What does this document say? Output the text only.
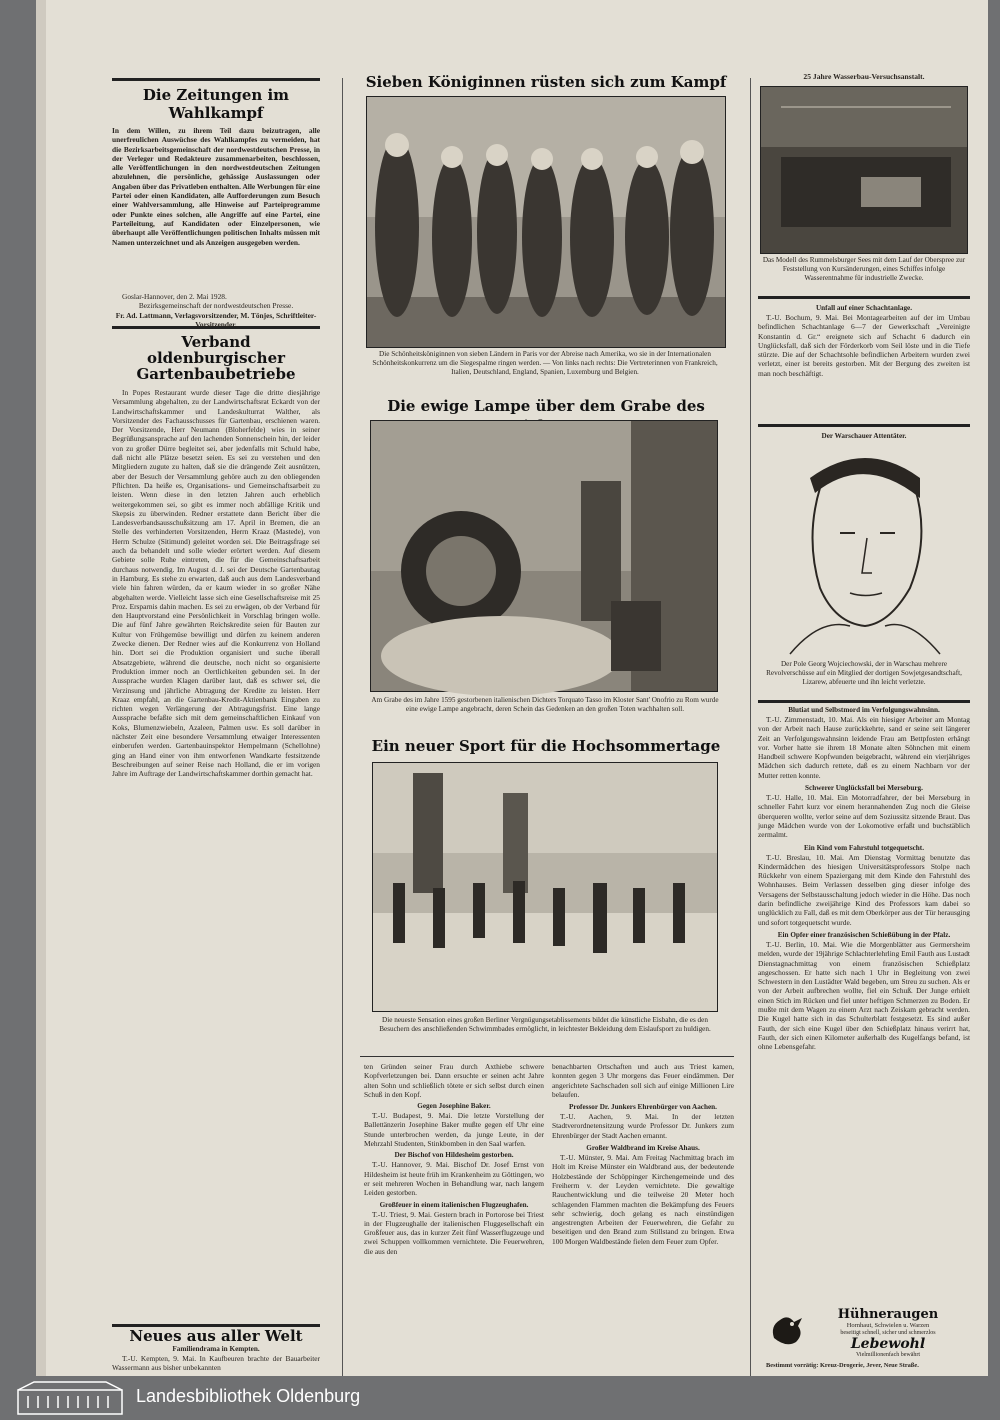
Die Zeitungen im Wahlkampf
In dem Willen, zu ihrem Teil dazu beizutragen, alle unerfreulichen Auswüchse des Wahlkampfes zu vermeiden, hat die Bezirksarbeitsgemeinschaft der nordwestdeutschen Presse, in der Verleger und Redakteure zusammenarbeiten, beschlossen, alle Veröffentlichungen in den nordwestdeutschen Zeitungen abzulehnen, die persönliche, gehässige Auslassungen oder Angaben über das Privatleben enthalten. Alle Werbungen für eine Partei oder einen Kandidaten, alle Aufforderungen zum Besuch einer Wahlversammlung, alle Hinweise auf Parteiprogramme oder Punkte eines solchen, alle Angriffe auf eine Partei, eine Parteileitung, auf Kandidaten oder Einzelpersonen, wie überhaupt alle Veröffentlichungen politischen Inhalts müssen mit Namen unterzeichnet und als Anzeigen ausgegeben werden.
Goslar-Hannover, den 2. Mai 1928.
Bezirksgemeinschaft der nordwestdeutschen Presse.
Fr. Ad. Lattmann, Verlagsvorsitzender, M. Tönjes, Schriftleiter-Vorsitzender.
Verband oldenburgischer Gartenbaubetriebe
In Popes Restaurant wurde dieser Tage die dritte diesjährige Versammlung abgehalten, zu der Landwirtschaftsrat Eckardt von der Landwirtschaftskammer und Landeskulturrat Walther, als Vorsitzender des Fachausschusses für Gartenbau, erschienen waren. Der Vorsitzende, Herr Neumann (Bloherfelde) wies in seiner Begrüßungsansprache auf den lachenden Sonnenschein hin, der leider von zu großer Dürre begleitet sei, aber jedenfalls mit Schuld habe, daß nicht alle Plätze besetzt seien. Es sei zu verstehen und den Mitgliedern zugute zu halten, daß sie die drängende Zeit ausnützen, aber der Besuch der Versammlung gehöre auch zu den obliegenden Pflichten. Da heiße es, Organisations- und Gemeinschaftsarbeit zu leisten. Wenn diese in den letzten Jahren auch erheblich weitergekommen sei, so gibt es immer noch abfällige Kritik und Skepsis zu überwinden. Redner erstattete dann Bericht über die Landesverbandsausschußsitzung am 17. April in Bremen, die an Stelle des verhinderten Vorsitzenden, Herrn Kraaz (Mastede), von Herrn Schulze (Sitimund) geleitet worden sei. Die Beitragsfrage sei auch da behandelt und solle wieder erörtert werden. Auf diesem Gebiete solle Ruhe eintreten, die für die Gemeinschaftsarbeit durchaus notwendig. Im August d. J. sei der Deutsche Gartenbautag in Hamburg. Es stehe zu erwarten, daß auch aus dem Landesverband viele hin fahren würden, da er kaum wieder in so großer Nähe abgehalten werde. Vielleicht lasse sich eine Gesellschaftsreise mit 25 Proz. Ersparnis dahin machen. Es sei zu erwägen, ob der Verband für den Hauptvorstand eine Persönlichkeit in Vorschlag bringen wolle. Die auf fünf Jahre gewährten Reichskredite seien für Bauten zur Kultur von Frühgemüse bewilligt und dürfen zu keinem anderen Zwecke dienen. Der Redner wies auf die Konkurrenz von Holland hin. Dort sei die Produktion organisiert und suche überall Absatzgebiete, während die deutsche, noch nicht so organisierte Produktion immer noch an Oertlichkeiten gebunden sei. In der Aussprache wurden Klagen darüber laut, daß es schwer sei, die Verzinsung und jährliche Abtragung der Kredite zu leisten. Herr Kraaz empfahl, an die Gartenbau-Kredit-Aktienbank Eingaben zu richten wegen Verlängerung der Abtragungsfrist. Eine lange Aussprache befaßte sich mit dem gemeinschaftlichen Einkauf von Koks, Blumenzwiebeln, Azaleen, Palmen usw. Es soll darüber in nächster Zeit eine besondere Versammlung etwaiger Interessenten einberufen werden. Gartenbauinspektor Hempelmann (Schellohne) ging an Hand einer von ihm entworfenen Wandkarte festsitzende Beschreibungen auf seiner Reise nach Holland, die er im vorigen Jahre im Auftrage der Landwirtschaftskammer dorthin gemacht hat.
Neues aus aller Welt
Familiendrama in Kempten.
T.-U. Kempten, 9. Mai. In Kaufbeuren brachte der Bauarbeiter Wassermann aus bisher unbekannten
Sieben Königinnen rüsten sich zum Kampf
Die Schönheitsköniginnen von sieben Ländern in Paris vor der Abreise nach Amerika, wo sie in der Internationalen Schönheitskonkurrenz um die Siegespalme ringen werden. — Von links nach rechts: Die Vertreterinnen von Frankreich, Italien, Deutschland, England, Spanien, Luxemburg und Belgien.
Die ewige Lampe über dem Grabe des
Am Grabe des im Jahre 1595 gestorbenen italienischen Dichters Torquato Tasso im Kloster Sant' Onofrio zu Rom wurde eine ewige Lampe angebracht, deren Schein das Gedenken an den großen Toten wachhalten soll.
Ein neuer Sport für die Hochsommertage
Die neueste Sensation eines großen Berliner Vergnügungsetablissements bildet die künstliche Eisbahn, die es den Besuchern des anschließenden Schwimmbades ermöglicht, in leichtester Bekleidung dem Eislaufsport zu huldigen.
ten Gründen seiner Frau durch Axthiebe schwere Kopfverletzungen bei. Dann ersuchte er seinen acht Jahre alten Sohn und schließlich tötete er sich selbst durch einen Schuß in den Kopf.
Gegen Josephine Baker.
T.-U. Budapest, 9. Mai. Die letzte Vorstellung der Ballettänzerin Josephine Baker mußte gegen elf Uhr eine Stunde unterbrochen werden, da junge Leute, in der Mehrzahl Studenten, Stinkbomben in den Saal warfen.
Der Bischof von Hildesheim gestorben.
T.-U. Hannover, 9. Mai. Bischof Dr. Josef Ernst von Hildesheim ist heute früh im Krankenheim zu Göttingen, wo er seit mehreren Wochen in Behandlung war, nach langem Leiden gestorben.
Großfeuer in einem italienischen Flugzeughafen.
T.-U. Triest, 9. Mai. Gestern brach in Portorose bei Triest in der Flugzeughalle der italienischen Fluggesellschaft ein Großfeuer aus, das in kurzer Zeit fünf Wasserflugzeuge und zwei Schuppen vollkommen vernichtete. Die Feuerwehren, die aus den
benachbarten Ortschaften und auch aus Triest kamen, konnten gegen 3 Uhr morgens das Feuer eindämmen. Der angerichtete Sachschaden soll sich auf einige Millionen Lire belaufen.
Professor Dr. Junkers Ehrenbürger von Aachen.
T.-U. Aachen, 9. Mai. In der letzten Stadtverordnetensitzung wurde Professor Dr. Junkers zum Ehrenbürger der Stadt Aachen ernannt.
Großer Waldbrand im Kreise Ahaus.
T.-U. Münster, 9. Mai. Am Freitag Nachmittag brach im Holt im Kreise Münster ein Waldbrand aus, der bedeutende Holzbestände der Schöppinger Kirchengemeinde und des Freiherrn v. der Leyden vernichtete. Die gewaltige Rauchentwicklung und die teilweise 20 Meter hoch schlagenden Flammen machten die Bekämpfung des Feuers sehr schwierig, doch gelang es nach einstündigen angestrengten Arbeiten der Feuerwehren, die Gefahr zu beseitigen und den Brand zum Stillstand zu bringen. Etwa 100 Morgen Waldbestände fielen dem Feuer zum Opfer.
25 Jahre Wasserbau-Versuchsanstalt.
Das Modell des Rummelsburger Sees mit dem Lauf der Oberspree zur Feststellung von Kursänderungen, eines Schiffes infolge Wasserentnahme für industrielle Zwecke.
Unfall auf einer Schachtanlage.
T.-U. Bochum, 9. Mai. Bei Montagearbeiten auf der im Umbau befindlichen Schachtanlage 6—7 der Gewerkschaft „Vereinigte Konstantin d. Gr.“ ereignete sich auf Schacht 6 dadurch ein Unglücksfall, daß sich der Förderkorb vom Seil löste und in die Tiefe stürzte. Die auf der Schachtsohle befindlichen Arbeitern wurden zwei verletzt, einer ist bereits gestorben. Mit der Bergung des zweiten ist man noch beschäftigt.
Der Warschauer Attentäter.
Der Pole Georg Wojciechowski, der in Warschau mehrere Revolverschüsse auf ein Mitglied der dortigen Sowjetgesandtschaft, Lizarew, abfeuerte und ihn leicht verletzte.
Blutiat und Selbstmord im Verfolgungswahnsinn.
T.-U. Zimmenstadt, 10. Mai. Als ein hiesiger Arbeiter am Montag von der Arbeit nach Hause zurückkehrte, sand er seine seit längerer Zeit an Verfolgungswahnsinn leidende Frau am Bettpfosten erhängt vor. Vorher hatte sie ihrem 18 Monate alten Söhnchen mit einem Handbeil schwere Kopfwunden beigebracht, während ein vierjähriges Mädchen sich dadurch rettete, daß es zu einem Nachbarn vor der Mutter retten konnte.
Schwerer Unglücksfall bei Merseburg.
T.-U. Halle, 10. Mai. Ein Motorradfahrer, der bei Merseburg in schneller Fahrt kurz vor einem herannahenden Zug noch die Gleise überqueren wollte, verlor seine auf dem Soziussitz sitzende Braut. Das junge Mädchen wurde von der Lokomotive erfaßt und buchstäblich zermalmt.
Ein Kind vom Fahrstuhl totgequetscht.
T.-U. Breslau, 10. Mai. Am Dienstag Vormittag benutzte das Kindermädchen des hiesigen Universitätsprofessors Stolpe nach Rückkehr von einem Spaziergang mit dem Kinde den Fahrstuhl des Wohnhauses. Beim Verlassen desselben ging dieser infolge des Versagens der Selbstausschaltung jedoch wieder in die Höhe. Das noch darin befindliche zweijährige Kind des Professors kam dabei so unglücklich zu Fall, daß es mit dem Oberkörper aus der Tür herausging und sofort totgequetscht wurde.
Ein Opfer einer französischen Schießübung in der Pfalz.
T.-U. Berlin, 10. Mai. Wie die Morgenblätter aus Germersheim melden, wurde der 19jährige Schlachterlehrling Emil Fauth aus Lustadt Dienstagnachmittag von einem französischen Schießplatz angeschossen. Er hatte sich nach 1 Uhr in Begleitung von zwei Schwestern in den Lustädter Wald begeben, um Streu zu suchen. Als er von der Arbeit aufbrechen wollte, fiel ein Schuß. Der Junge erhielt einen Stich im Rücken und fiel unter heftigen Schmerzen zu Boden. Er mußte mit dem Wagen zu einem Arzt nach Zeiskam gebracht werden. Die Kugel hatte sich in das Schulterblatt festgesetzt. Es sind außer Fauth, der sich eine Kugel über den Schießplatz hinaus verirrt hat, Fauth, der sich einen Kilometer außerhalb des Kugelfangs befand, ist ohne Lebensgefahr.
Hühneraugen
Hornhaut, Schwielen u. Warzen
beseitigt schnell, sicher und schmerzlos
Lebewohl
Vielmillionenfach bewährt
Bestimmt vorrätig: Kreuz-Drogerie, Jever, Neue Straße.
Landesbibliothek Oldenburg
